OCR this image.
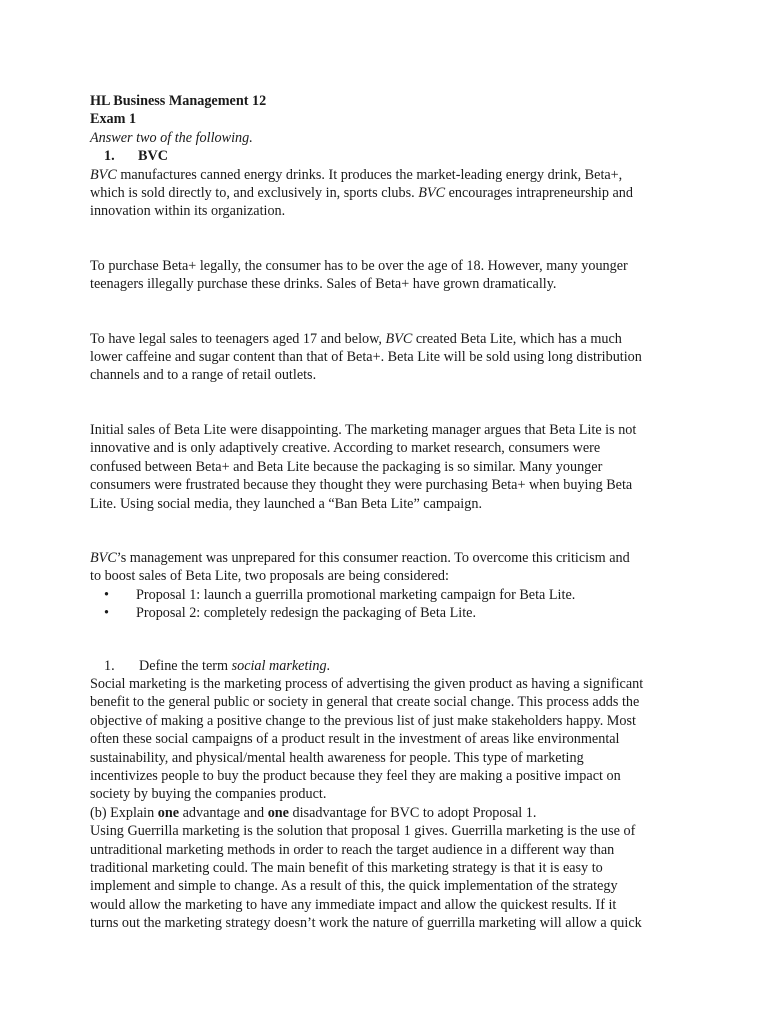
HL Business Management 12
Exam 1
Answer two of the following.
1. BVC
BVC manufactures canned energy drinks. It produces the market-leading energy drink, Beta+,
which is sold directly to, and exclusively in, sports clubs. BVC encourages intrapreneurship and
innovation within its organization.
To purchase Beta+ legally, the consumer has to be over the age of 18. However, many younger
teenagers illegally purchase these drinks. Sales of Beta+ have grown dramatically.
To have legal sales to teenagers aged 17 and below, BVC created Beta Lite, which has a much
lower caffeine and sugar content than that of Beta+. Beta Lite will be sold using long distribution
channels and to a range of retail outlets.
Initial sales of Beta Lite were disappointing. The marketing manager argues that Beta Lite is not
innovative and is only adaptively creative. According to market research, consumers were
confused between Beta+ and Beta Lite because the packaging is so similar. Many younger
consumers were frustrated because they thought they were purchasing Beta+ when buying Beta
Lite. Using social media, they launched a “Ban Beta Lite” campaign.
BVC’s management was unprepared for this consumer reaction. To overcome this criticism and
to boost sales of Beta Lite, two proposals are being considered:
• Proposal 1: launch a guerrilla promotional marketing campaign for Beta Lite.
• Proposal 2: completely redesign the packaging of Beta Lite.
1. Define the term social marketing.
Social marketing is the marketing process of advertising the given product as having a significant
benefit to the general public or society in general that create social change. This process adds the
objective of making a positive change to the previous list of just make stakeholders happy. Most
often these social campaigns of a product result in the investment of areas like environmental
sustainability, and physical/mental health awareness for people. This type of marketing
incentivizes people to buy the product because they feel they are making a positive impact on
society by buying the companies product.
(b) Explain one advantage and one disadvantage for BVC to adopt Proposal 1.
Using Guerrilla marketing is the solution that proposal 1 gives. Guerrilla marketing is the use of
untraditional marketing methods in order to reach the target audience in a different way than
traditional marketing could. The main benefit of this marketing strategy is that it is easy to
implement and simple to change. As a result of this, the quick implementation of the strategy
would allow the marketing to have any immediate impact and allow the quickest results. If it
turns out the marketing strategy doesn’t work the nature of guerrilla marketing will allow a quick
